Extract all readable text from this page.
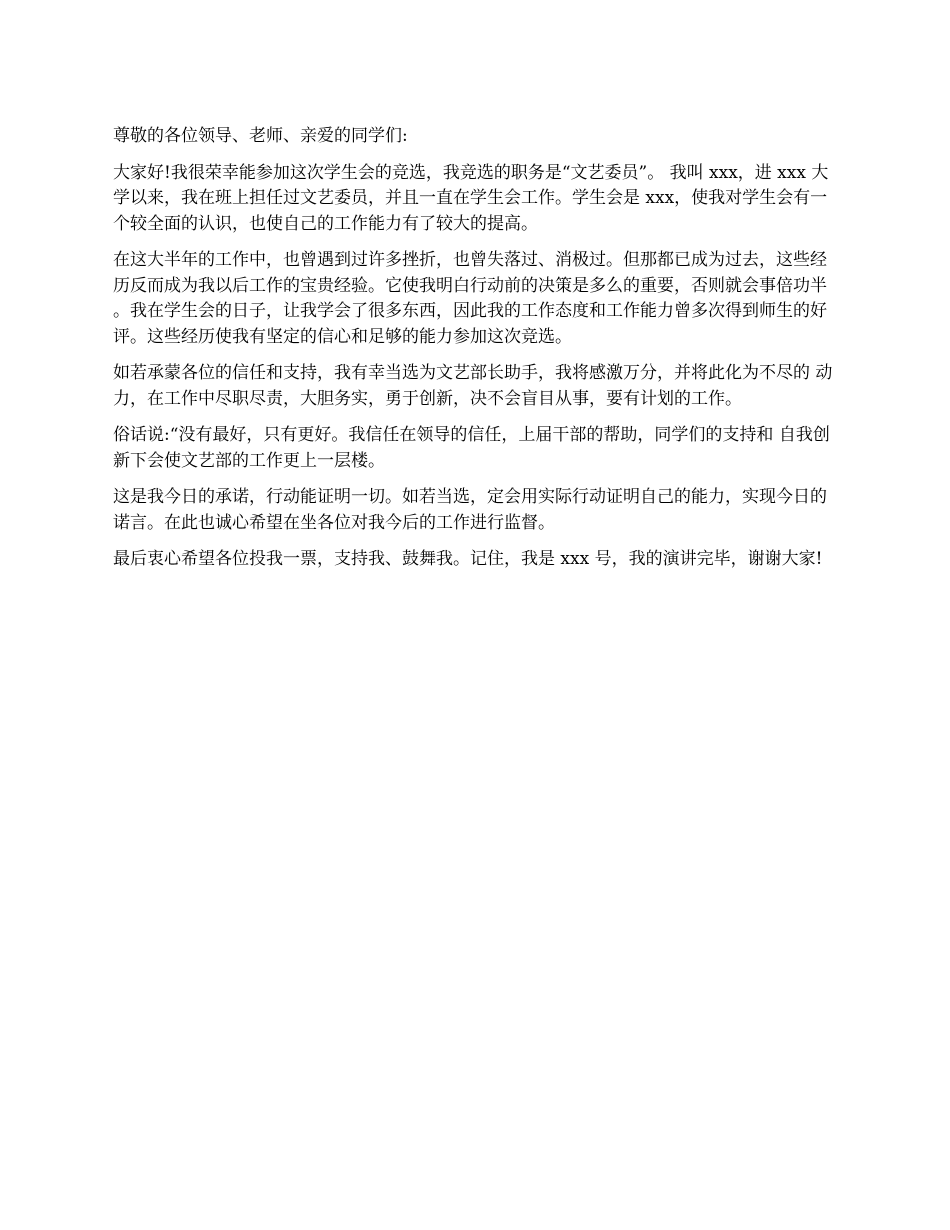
尊敬的各位领导、老师、亲爱的同学们:

大家好!我很荣幸能参加这次学生会的竞选，我竞选的职务是“文艺委员”。 我叫 xxx，进 xxx 大学以来，我在班上担任过文艺委员，并且一直在学生会工作。学生会是 xxx，使我对学生会有一个较全面的认识，也使自己的工作能力有了较大的提高。

在这大半年的工作中，也曾遇到过许多挫折，也曾失落过、消极过。但那都已成为过去，这些经历反而成为我以后工作的宝贵经验。它使我明白行动前的决策是多么的重要，否则就会事倍功半。我在学生会的日子，让我学会了很多东西，因此我的工作态度和工作能力曾多次得到师生的好评。这些经历使我有坚定的信心和足够的能力参加这次竞选。

如若承蒙各位的信任和支持，我有幸当选为文艺部长助手，我将感激万分，并将此化为不尽的 动力，在工作中尽职尽责，大胆务实，勇于创新，决不会盲目从事，要有计划的工作。

俗话说:“没有最好，只有更好。我信任在领导的信任，上届干部的帮助，同学们的支持和 自我创新下会使文艺部的工作更上一层楼。

这是我今日的承诺，行动能证明一切。如若当选，定会用实际行动证明自己的能力，实现今日的诺言。在此也诚心希望在坐各位对我今后的工作进行监督。

最后衷心希望各位投我一票，支持我、鼓舞我。记住，我是 xxx 号，我的演讲完毕，谢谢大家!
